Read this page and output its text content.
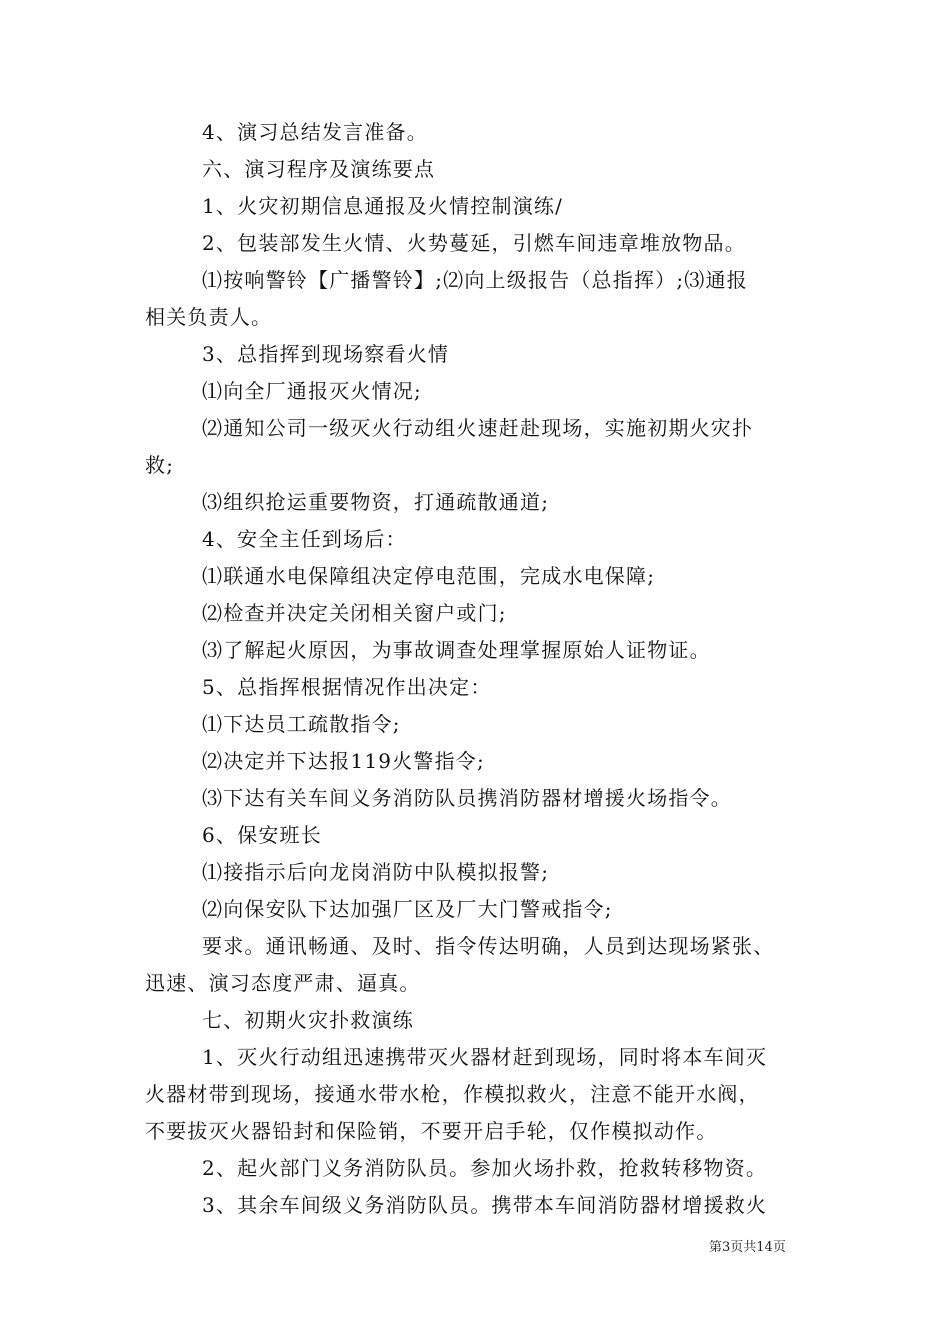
4、演习总结发言准备。
六、演习程序及演练要点
1、火灾初期信息通报及火情控制演练/
2、包装部发生火情、火势蔓延，引燃车间违章堆放物品。
⑴按响警铃【广播警铃】;⑵向上级报告（总指挥）;⑶通报
相关负责人。
3、总指挥到现场察看火情
⑴向全厂通报灭火情况;
⑵通知公司一级灭火行动组火速赶赴现场，实施初期火灾扑
救;
⑶组织抢运重要物资，打通疏散通道;
4、安全主任到场后：
⑴联通水电保障组决定停电范围，完成水电保障;
⑵检查并决定关闭相关窗户或门;
⑶了解起火原因，为事故调查处理掌握原始人证物证。
5、总指挥根据情况作出决定：
⑴下达员工疏散指令;
⑵决定并下达报119火警指令;
⑶下达有关车间义务消防队员携消防器材增援火场指令。
6、保安班长
⑴接指示后向龙岗消防中队模拟报警;
⑵向保安队下达加强厂区及厂大门警戒指令;
要求。通讯畅通、及时、指令传达明确，人员到达现场紧张、
迅速、演习态度严肃、逼真。
七、初期火灾扑救演练
1、灭火行动组迅速携带灭火器材赶到现场，同时将本车间灭
火器材带到现场，接通水带水枪，作模拟救火，注意不能开水阀，
不要拔灭火器铅封和保险销，不要开启手轮，仅作模拟动作。
2、起火部门义务消防队员。参加火场扑救，抢救转移物资。
3、其余车间级义务消防队员。携带本车间消防器材增援救火
第3页共14页
